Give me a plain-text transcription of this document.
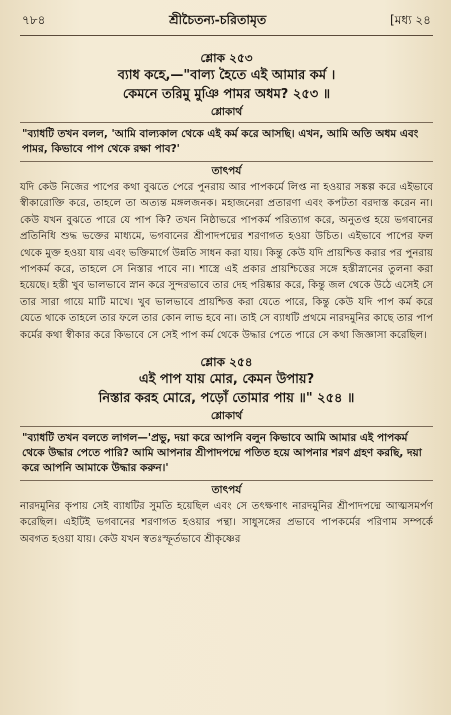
৭৮৪	শ্রীচৈতন্য-চরিতামৃত	[মধ্য ২৪
শ্লোক ২৫৩
ব্যাধ কহে,—"বাল্য হৈতে এই আমার কর্ম ।
কেমনে তরিমু মুঞি পামর অধম? ২৫৩ ॥
শ্লোকার্থ
"ব্যাধটি তখন বলল, 'আমি বাল্যকাল থেকে এই কর্ম করে আসছি। এখন, আমি অতি অধম এবং পামর, কিভাবে পাপ থেকে রক্ষা পাব?'
তাৎপর্য
যদি কেউ নিজের পাপের কথা বুঝতে পেরে পুনরায় আর পাপকর্মে লিপ্ত না হওয়ার সঙ্কল্প করে এইভাবে স্বীকারোক্তি করে, তাহলে তা অত্যন্ত মঙ্গলজনক। মহাজনেরা প্রতারণা এবং কপটতা বরদাস্ত করেন না। কেউ যখন বুঝতে পারে যে পাপ কি? তখন নিষ্ঠাভরে পাপকর্ম পরিত্যাগ করে, অনুতপ্ত হয়ে ভগবানের প্রতিনিধি শুদ্ধ ভক্তের মাধ্যমে, ভগবানের শ্রীপাদপদ্মের শরণাগত হওয়া উচিত। এইভাবে পাপের ফল থেকে মুক্ত হওয়া যায় এবং ভক্তিমার্গে উন্নতি সাধন করা যায়। কিন্তু কেউ যদি প্রায়শ্চিত্ত করার পর পুনরায় পাপকর্ম করে, তাহলে সে নিস্তার পাবে না। শাস্ত্রে এই প্রকার প্রায়শ্চিত্তের সঙ্গে হস্তীস্নানের তুলনা করা হয়েছে। হস্তী খুব ভালভাবে স্নান করে সুন্দরভাবে তার দেহ পরিষ্কার করে, কিন্তু জল থেকে উঠে এসেই সে তার সারা গায়ে মাটি মাখে। খুব ভালভাবে প্রায়শ্চিত্ত করা যেতে পারে, কিন্তু কেউ যদি পাপ কর্ম করে যেতে থাকে তাহলে তার ফলে তার কোন লাভ হবে না। তাই সে ব্যাধটি প্রথমে নারদমুনির কাছে তার পাপ কর্মের কথা স্বীকার করে কিভাবে সে সেই পাপ কর্ম থেকে উদ্ধার পেতে পারে সে কথা জিজ্ঞাসা করেছিল।
শ্লোক ২৫৪
এই পাপ যায় মোর, কেমন উপায়?
নিস্তার করহ মোরে, পড়োঁ তোমার পায় ॥" ২৫৪ ॥
শ্লোকার্থ
"ব্যাধটি তখন বলতে লাগল—'প্রভু, দয়া করে আপনি বলুন কিভাবে আমি আমার এই পাপকর্ম থেকে উদ্ধার পেতে পারি? আমি আপনার শ্রীপাদপদ্মে পতিত হয়ে আপনার শরণ গ্রহণ করছি, দয়া করে আপনি আমাকে উদ্ধার করুন।'
তাৎপর্য
নারদমুনির কৃপায় সেই ব্যাধটির সুমতি হয়েছিল এবং সে তৎক্ষণাৎ নারদমুনির শ্রীপাদপদ্মে আত্মসমর্পণ করেছিল। এইটিই ভগবানের শরণাগত হওয়ার পন্থা। সাধুসঙ্গের প্রভাবে পাপকর্মের পরিণাম সম্পর্কে অবগত হওয়া যায়। কেউ যখন স্বতঃস্ফূর্তভাবে শ্রীকৃষ্ণের
